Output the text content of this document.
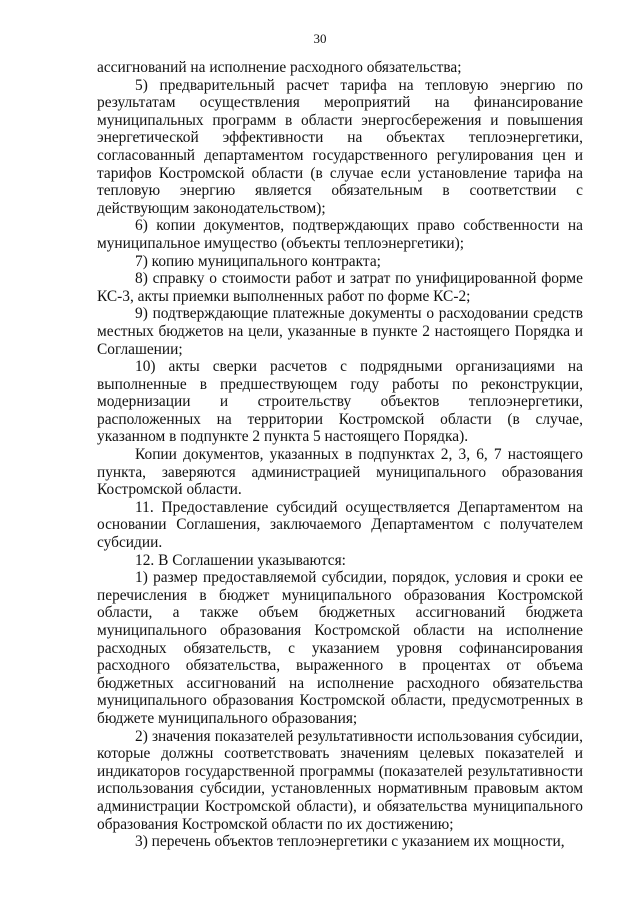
30

ассигнований на исполнение расходного обязательства;

5) предварительный расчет тарифа на тепловую энергию по результатам осуществления мероприятий на финансирование муниципальных программ в области энергосбережения и повышения энергетической эффективности на объектах теплоэнергетики, согласованный департаментом государственного регулирования цен и тарифов Костромской области (в случае если установление тарифа на тепловую энергию является обязательным в соответствии с действующим законодательством);

6) копии документов, подтверждающих право собственности на муниципальное имущество (объекты теплоэнергетики);

7) копию муниципального контракта;

8) справку о стоимости работ и затрат по унифицированной форме КС-3, акты приемки выполненных работ по форме КС-2;

9) подтверждающие платежные документы о расходовании средств местных бюджетов на цели, указанные в пункте 2 настоящего Порядка и Соглашении;

10) акты сверки расчетов с подрядными организациями на выполненные в предшествующем году работы по реконструкции, модернизации и строительству объектов теплоэнергетики, расположенных на территории Костромской области (в случае, указанном в подпункте 2 пункта 5 настоящего Порядка).

Копии документов, указанных в подпунктах 2, 3, 6, 7 настоящего пункта, заверяются администрацией муниципального образования Костромской области.

11. Предоставление субсидий осуществляется Департаментом на основании Соглашения, заключаемого Департаментом с получателем субсидии.

12. В Соглашении указываются:

1) размер предоставляемой субсидии, порядок, условия и сроки ее перечисления в бюджет муниципального образования Костромской области, а также объем бюджетных ассигнований бюджета муниципального образования Костромской области на исполнение расходных обязательств, с указанием уровня софинансирования расходного обязательства, выраженного в процентах от объема бюджетных ассигнований на исполнение расходного обязательства муниципального образования Костромской области, предусмотренных в бюджете муниципального образования;

2) значения показателей результативности использования субсидии, которые должны соответствовать значениям целевых показателей и индикаторов государственной программы (показателей результативности использования субсидии, установленных нормативным правовым актом администрации Костромской области), и обязательства муниципального образования Костромской области по их достижению;

3) перечень объектов теплоэнергетики с указанием их мощности,
